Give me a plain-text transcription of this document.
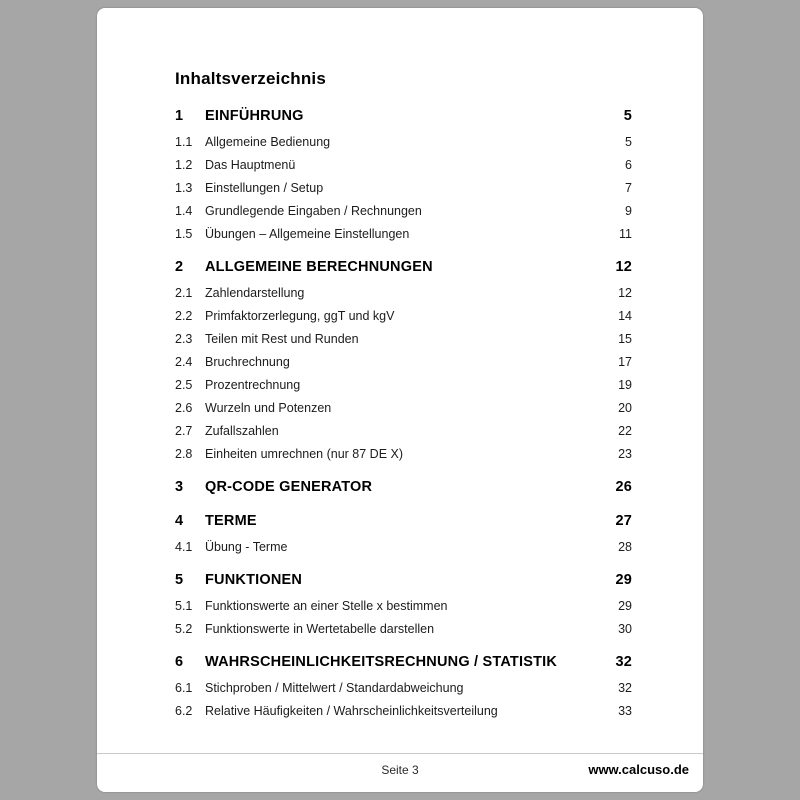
Inhaltsverzeichnis
1	EINFÜHRUNG	5
1.1	Allgemeine Bedienung	5
1.2	Das Hauptmenü	6
1.3	Einstellungen / Setup	7
1.4	Grundlegende Eingaben / Rechnungen	9
1.5	Übungen – Allgemeine Einstellungen	11
2	ALLGEMEINE BERECHNUNGEN	12
2.1	Zahlendarstellung	12
2.2	Primfaktorzerlegung, ggT und kgV	14
2.3	Teilen mit Rest und Runden	15
2.4	Bruchrechnung	17
2.5	Prozentrechnung	19
2.6	Wurzeln und Potenzen	20
2.7	Zufallszahlen	22
2.8	Einheiten umrechnen (nur 87 DE X)	23
3	QR-CODE GENERATOR	26
4	TERME	27
4.1	Übung - Terme	28
5	FUNKTIONEN	29
5.1	Funktionswerte an einer Stelle x bestimmen	29
5.2	Funktionswerte in Wertetabelle darstellen	30
6	WAHRSCHEINLICHKEITSRECHNUNG / STATISTIK	32
6.1	Stichproben / Mittelwert / Standardabweichung	32
6.2	Relative Häufigkeiten / Wahrscheinlichkeitsverteilung	33
Seite 3	www.calcuso.de
